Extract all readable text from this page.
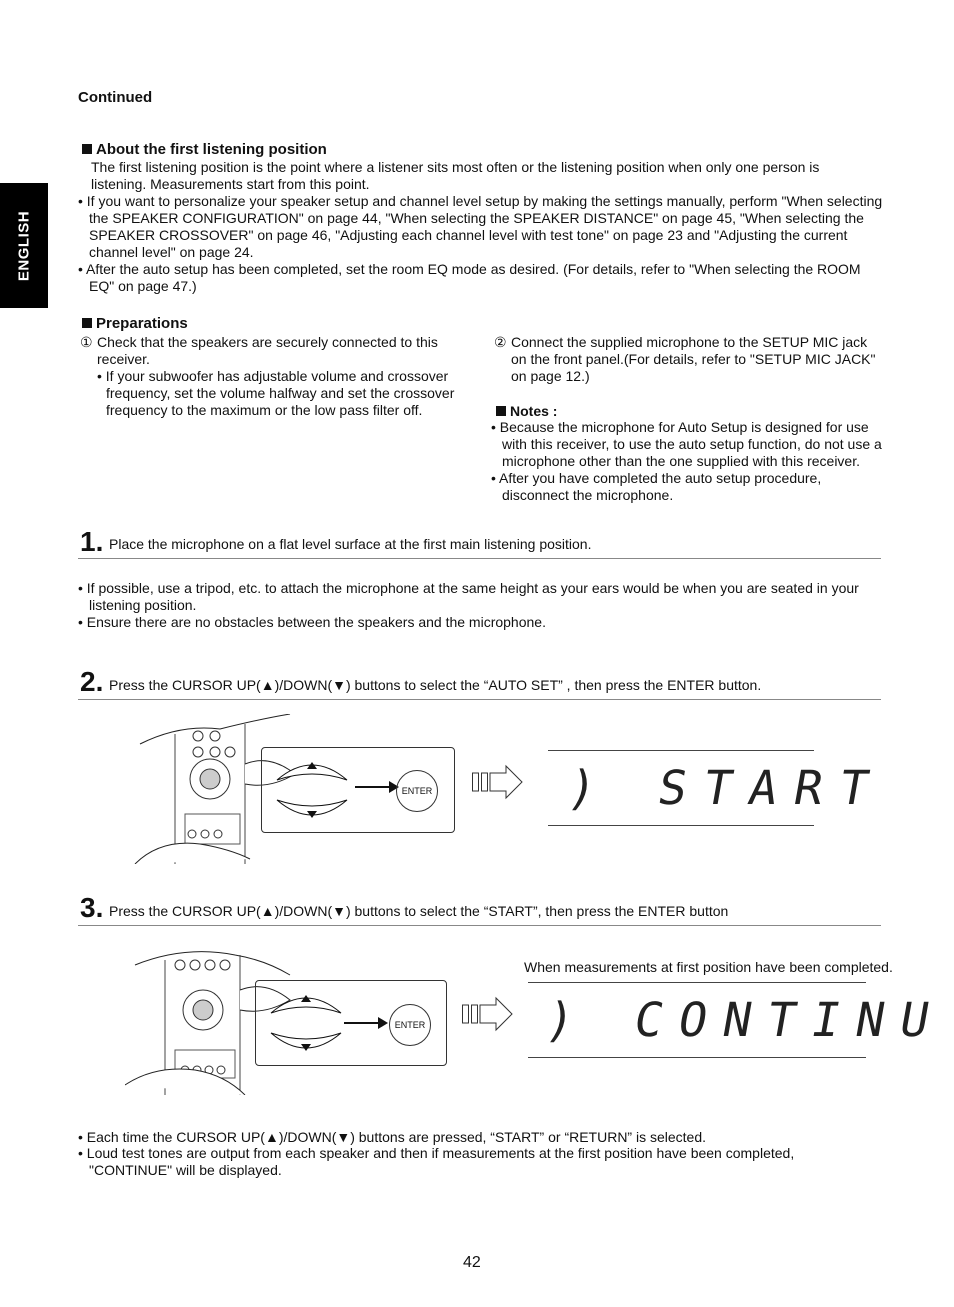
ENGLISH
Continued
About the first listening position
The first listening position is the point where a listener sits most often or the listening position when only one person is listening. Measurements start from this point.
• If you want to personalize your speaker setup and channel level setup by making the settings manually, perform "When selecting the SPEAKER CONFIGURATION" on page 44, "When selecting the SPEAKER DISTANCE" on page 45, "When selecting the SPEAKER CROSSOVER" on page 46, "Adjusting each channel level with test tone" on page 23 and "Adjusting the current channel level" on page 24.
• After the auto setup has been completed, set the room EQ mode as desired. (For details, refer to "When selecting the ROOM EQ" on page 47.)
Preparations
① Check that the speakers are securely connected to this receiver.
• If your subwoofer has adjustable volume and crossover frequency, set the volume halfway and set the crossover frequency to the maximum or the low pass filter off.
② Connect the supplied microphone to the SETUP MIC jack on the front panel.(For details, refer to "SETUP MIC JACK" on page 12.)
Notes :
• Because the microphone for Auto Setup is designed for use with this receiver, to use the auto setup function, do not use a microphone other than the one supplied with this receiver.
• After you have completed the auto setup procedure, disconnect the microphone.
1. Place the microphone on a flat level surface at the first main listening position.
• If possible, use a tripod, etc. to attach the microphone at the same height as your ears would be when you are seated in your listening position.
• Ensure there are no obstacles between the speakers and the microphone.
2. Press the CURSOR UP(▲)/DOWN(▼) buttons to select the “AUTO SET” , then press the ENTER button.
ENTER	) START
3. Press the CURSOR UP(▲)/DOWN(▼) buttons to select the “START”, then press the ENTER button
ENTER
When measurements at first position have been completed.
) CONTINU
• Each time the CURSOR UP(▲)/DOWN(▼) buttons are pressed, “START” or “RETURN” is selected.
• Loud test tones are output from each speaker and then if measurements at the first position have been completed, "CONTINUE" will be displayed.
42
